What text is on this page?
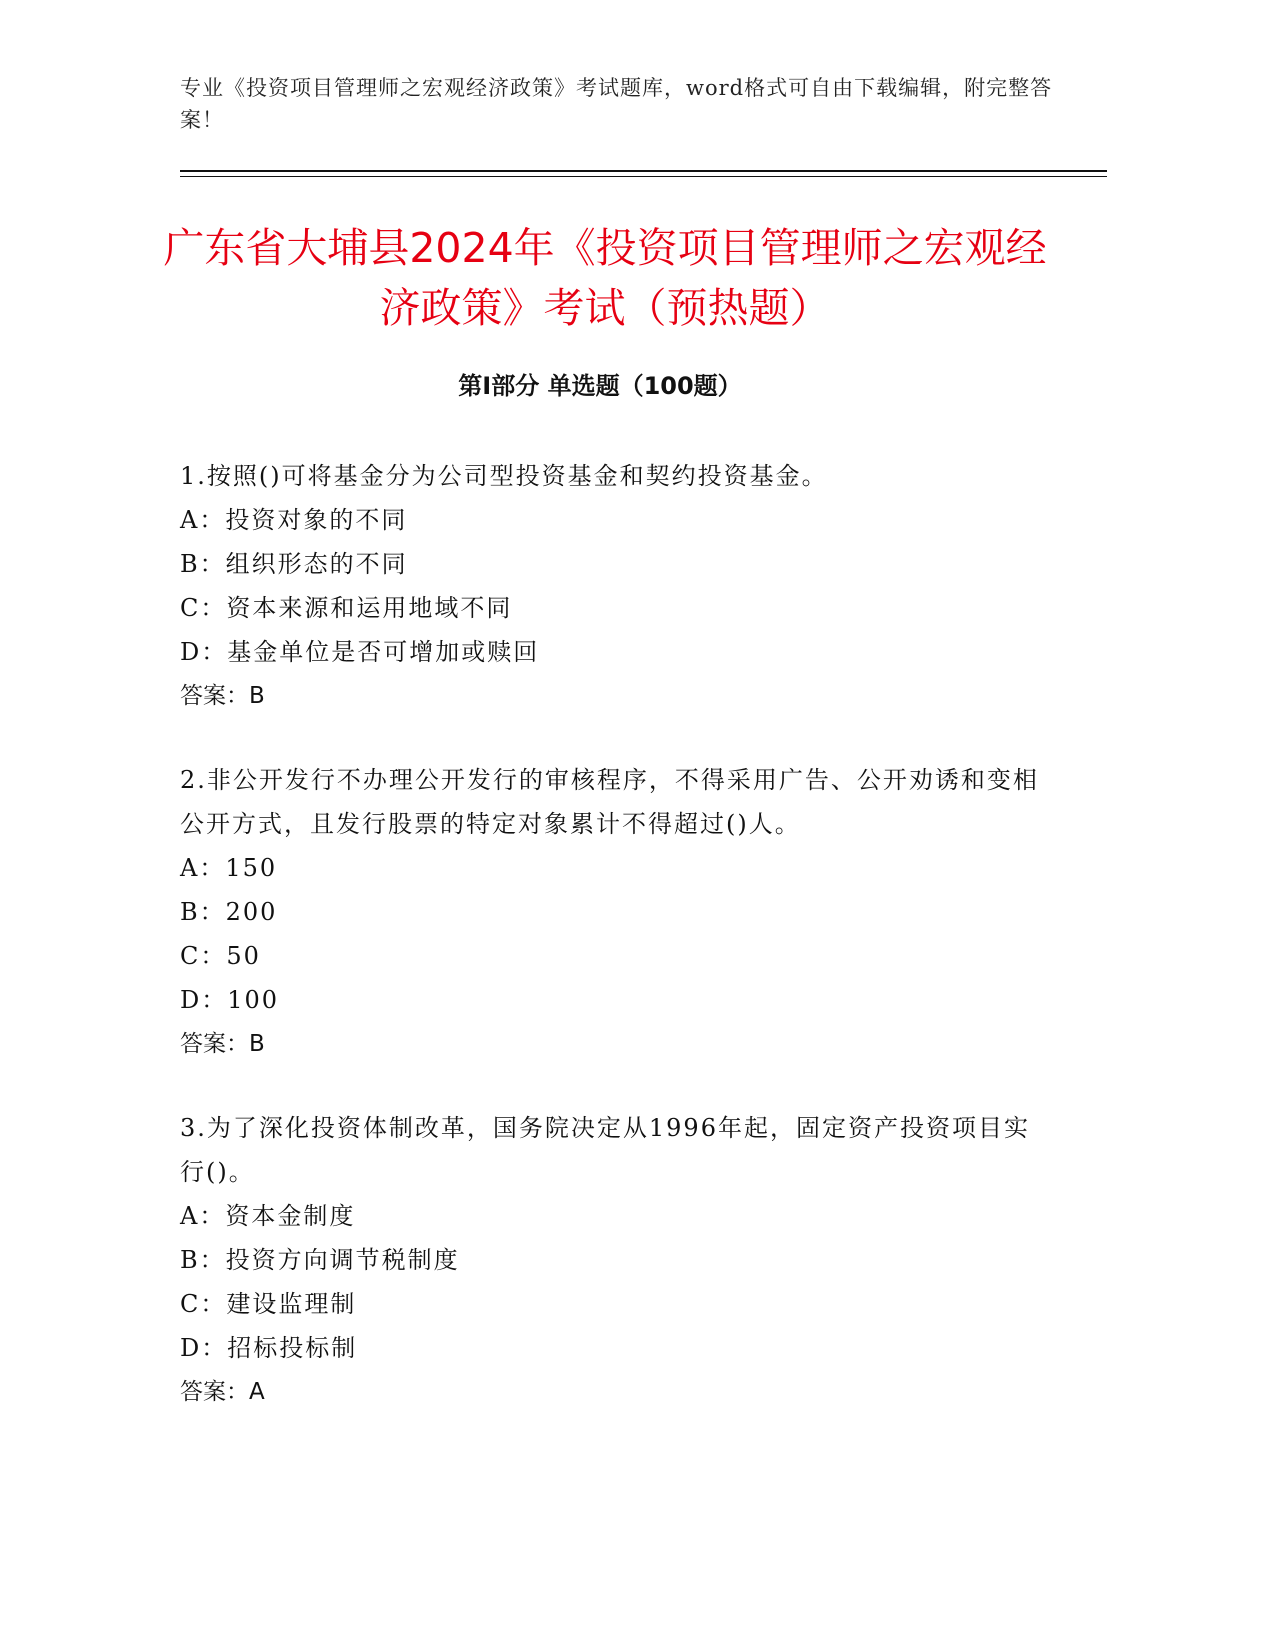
专业《投资项目管理师之宏观经济政策》考试题库，word格式可自由下载编辑，附完整答案！
广东省大埔县2024年《投资项目管理师之宏观经济政策》考试（预热题）
第Ⅰ部分 单选题（100题）

1.按照()可将基金分为公司型投资基金和契约投资基金。

A：投资对象的不同

B：组织形态的不同

C：资本来源和运用地域不同

D：基金单位是否可增加或赎回

答案：B

2.非公开发行不办理公开发行的审核程序，不得采用广告、公开劝诱和变相公开方式，且发行股票的特定对象累计不得超过()人。

A：150

B：200

C：50

D：100

答案：B

3.为了深化投资体制改革，国务院决定从1996年起，固定资产投资项目实行()。

A：资本金制度

B：投资方向调节税制度

C：建设监理制

D：招标投标制

答案：A
